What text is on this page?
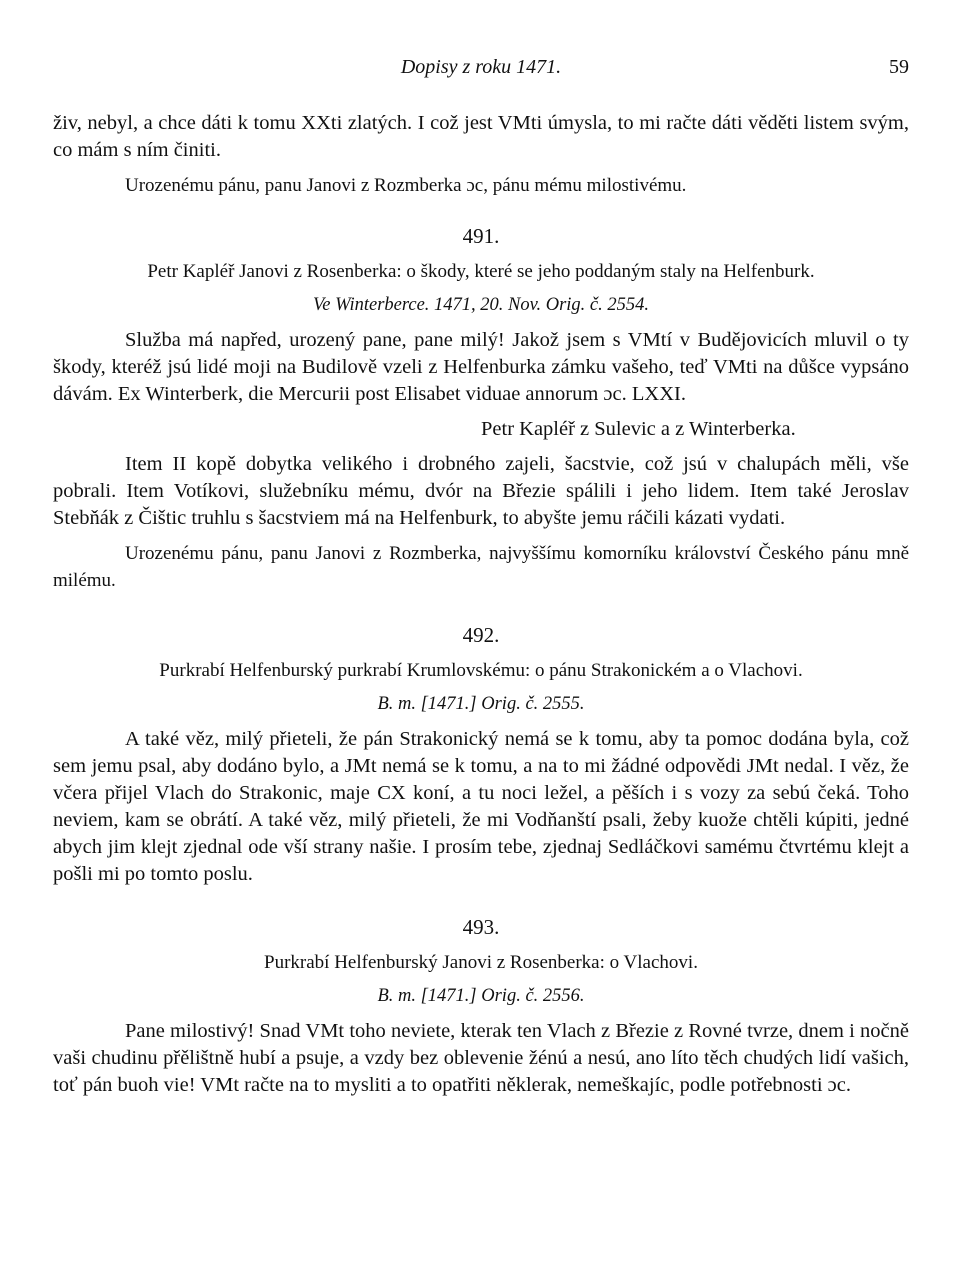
Dopisy z roku 1471.	59

živ, nebyl, a chce dáti k tomu XXti zlatých. I což jest VMti úmysla, to mi račte dáti věděti listem svým, co mám s ním činiti.

Urozenému pánu, panu Janovi z Rozmberka ɔc, pánu mému milostivému.

491.

Petr Kapléř Janovi z Rosenberka: o škody, které se jeho poddaným staly na Helfenburk.

Ve Winterberce. 1471, 20. Nov. Orig. č. 2554.

Služba má napřed, urozený pane, pane milý! Jakož jsem s VMtí v Budějovicích mluvil o ty škody, kteréž jsú lidé moji na Budilově vzeli z Helfenburka zámku vašeho, teď VMti na důšce vypsáno dávám. Ex Winterberk, die Mercurii post Elisabet viduae annorum ɔc. LXXI.

Petr Kapléř z Sulevic a z Winterberka.

Item II kopě dobytka velikého i drobného zajeli, šacstvie, což jsú v chalupách měli, vše pobrali. Item Votíkovi, služebníku mému, dvór na Březie spálili i jeho lidem. Item také Jeroslav Stebňák z Čištic truhlu s šacstviem má na Helfenburk, to abyšte jemu ráčili kázati vydati.

Urozenému pánu, panu Janovi z Rozmberka, najvyššímu komorníku království Českého pánu mně milému.

492.

Purkrabí Helfenburský purkrabí Krumlovskému: o pánu Strakonickém a o Vlachovi.

B. m. [1471.] Orig. č. 2555.

A také věz, milý přieteli, že pán Strakonický nemá se k tomu, aby ta pomoc dodána byla, což sem jemu psal, aby dodáno bylo, a JMt nemá se k tomu, a na to mi žádné odpovědi JMt nedal. I věz, že včera přijel Vlach do Strakonic, maje CX koní, a tu noci ležel, a pěších i s vozy za sebú čeká. Toho neviem, kam se obrátí. A také věz, milý přieteli, že mi Vodňanští psali, žeby kuože chtěli kúpiti, jedné abych jim klejt zjednal ode vší strany našie. I prosím tebe, zjednaj Sedláčkovi samému čtvrtému klejt a pošli mi po tomto poslu.

493.

Purkrabí Helfenburský Janovi z Rosenberka: o Vlachovi.

B. m. [1471.] Orig. č. 2556.

Pane milostivý! Snad VMt toho neviete, kterak ten Vlach z Březie z Rovné tvrze, dnem i nočně vaši chudinu přělištně hubí a psuje, a vzdy bez oblevenie žénú a nesú, ano líto těch chudých lidí vašich, toť pán buoh vie! VMt račte na to mysliti a to opatřiti něklerak, nemeškajíc, podle potřebnosti ɔc.
